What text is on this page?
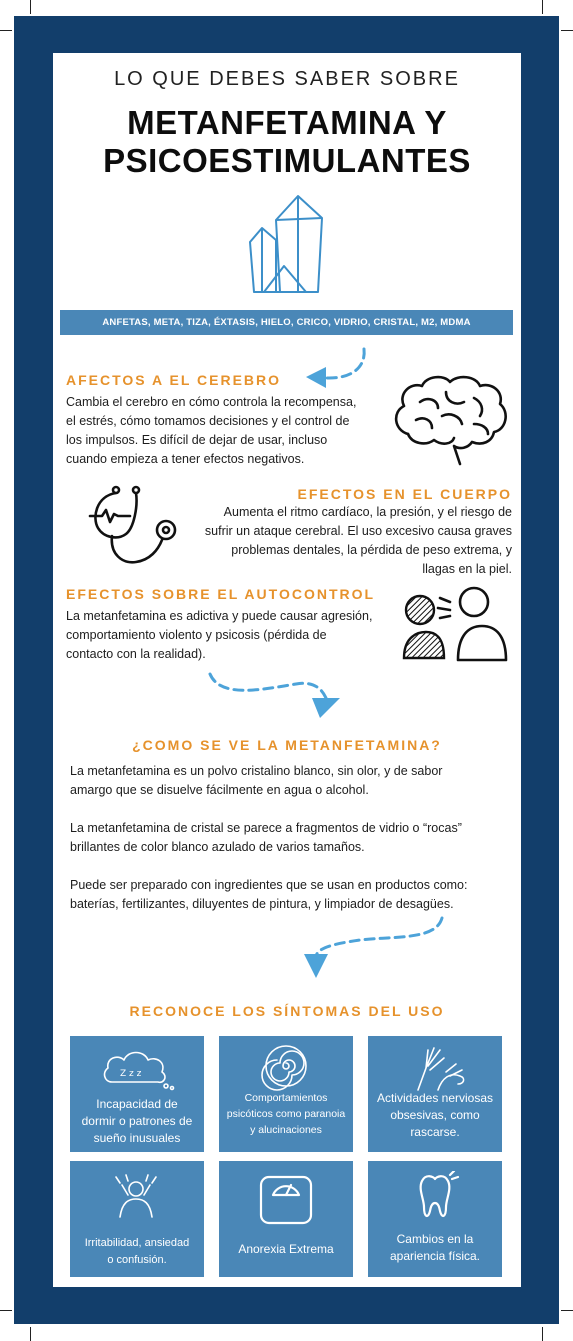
LO QUE DEBES SABER SOBRE
METANFETAMINA Y
PSICOESTIMULANTES
ANFETAS, META, TIZA, ÉXTASIS, HIELO, CRICO, VIDRIO, CRISTAL, M2, MDMA
AFECTOS A EL CEREBRO
Cambia el cerebro en cómo controla la recompensa,
el estrés, cómo tomamos decisiones y el control de
los impulsos. Es difícil de dejar de usar, incluso
cuando empieza a tener efectos negativos.
EFECTOS EN EL CUERPO
Aumenta el ritmo cardíaco, la presión, y el riesgo de
sufrir un ataque cerebral. El uso excesivo causa graves
problemas dentales, la pérdida de peso extrema, y
llagas en la piel.
EFECTOS SOBRE EL AUTOCONTROL
La metanfetamina es adictiva y puede causar agresión,
comportamiento violento y psicosis (pérdida de
contacto con la realidad).
¿COMO SE VE LA METANFETAMINA?
La metanfetamina es un polvo cristalino blanco, sin olor, y de sabor
amargo que se disuelve fácilmente en agua o alcohol.
La metanfetamina de cristal se parece a fragmentos de vidrio o “rocas”
brillantes de color blanco azulado de varios tamaños.
Puede ser preparado con ingredientes que se usan en productos como:
baterías, fertilizantes, diluyentes de pintura, y limpiador de desagües.
RECONOCE LOS SÍNTOMAS DEL USO
Z z z
Incapacidad de
dormir o patrones de
sueño inusuales
Comportamientos
psicóticos como paranoia
y alucinaciones
Actividades nerviosas
obsesivas, como
rascarse.
Irritabilidad, ansiedad
o confusión.
Anorexia Extrema
Cambios en la
apariencia física.
